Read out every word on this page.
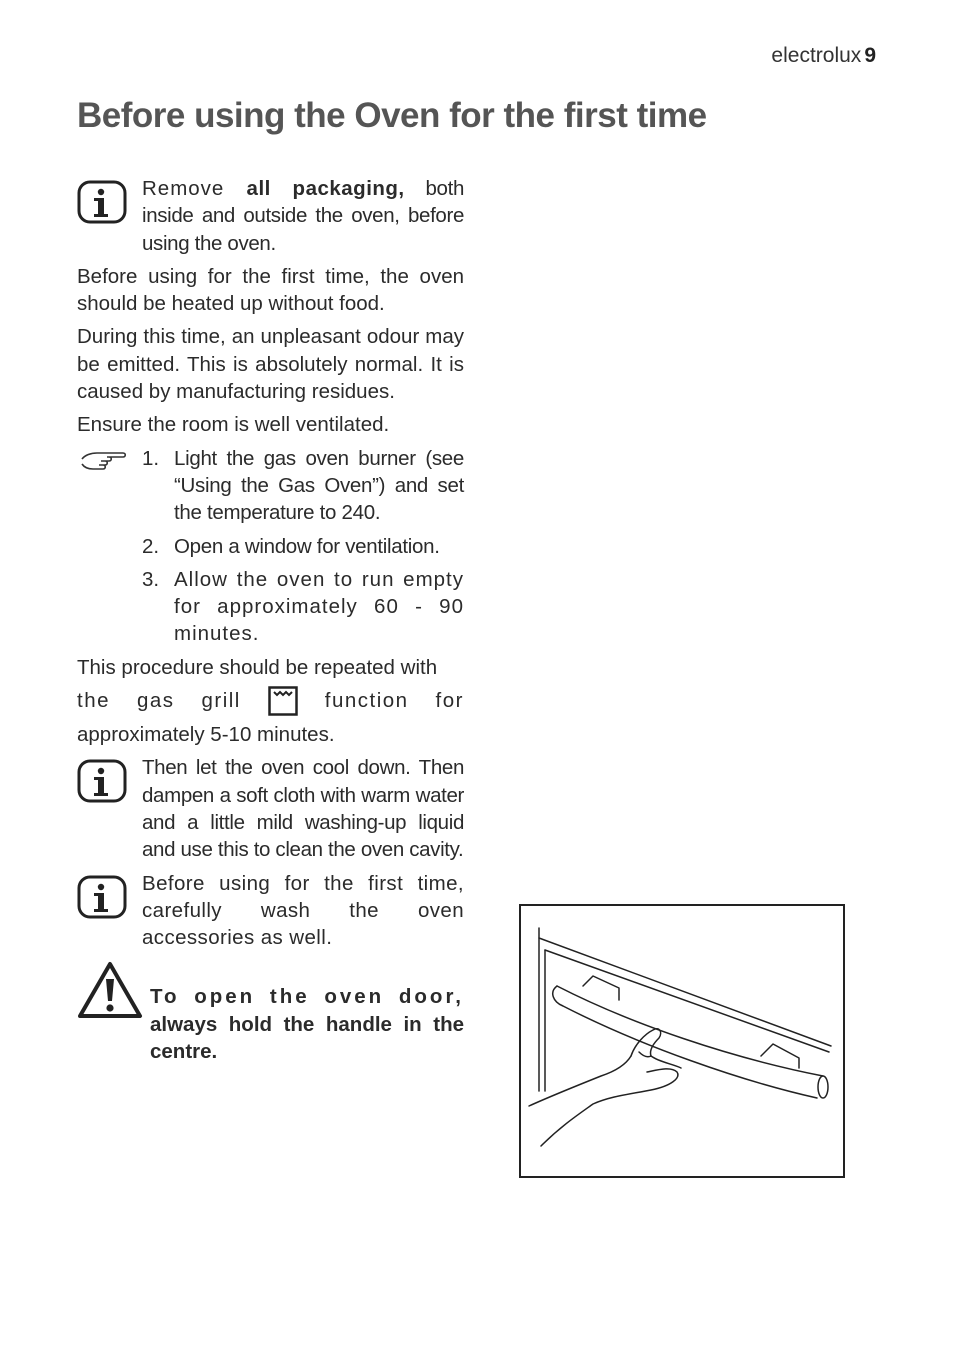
electrolux 9
Before using the Oven for the first time
Remove all packaging, both inside and outside the oven, before using the oven.

Before using for the first time, the oven should be heated up without food.

During this time, an unpleasant odour may be emitted. This is absolutely normal. It is caused by manufacturing residues.

Ensure the room is well ventilated.

1. Light the gas oven burner (see “Using the Gas Oven”) and set the temperature to 240.
2. Open a window for ventilation.
3. Allow the oven to run empty for approximately 60 - 90 minutes.
This procedure should be repeated with
the gas grill	function for
approximately 5-10 minutes.
Then let the oven cool down. Then dampen a soft cloth with warm water and a little mild washing-up liquid and use this to clean the oven cavity.
Before using for the first time, carefully wash the oven accessories as well.
To open the oven door, always hold the handle in the centre.
